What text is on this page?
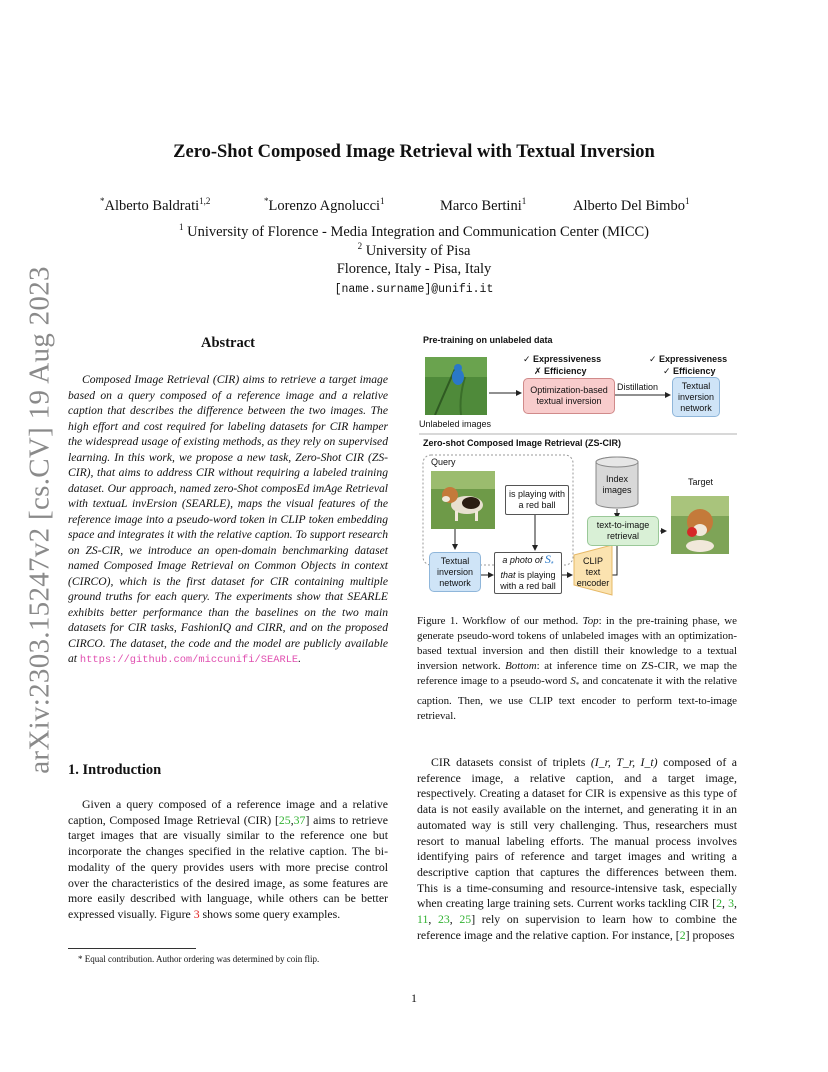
arXiv:2303.15247v2 [cs.CV] 19 Aug 2023
Zero-Shot Composed Image Retrieval with Textual Inversion
*Alberto Baldrati$^{1,2}$	*Lorenzo Agnolucci$^1$	Marco Bertini$^1$	Alberto Del Bimbo$^1$
$^1$ University of Florence - Media Integration and Communication Center (MICC)
$^2$ University of Pisa
Florence, Italy - Pisa, Italy
[name.surname]@unifi.it
Abstract

Composed Image Retrieval (CIR) aims to retrieve a target image based on a query composed of a reference image and a relative caption that describes the difference between the two images. The high effort and cost required for labeling datasets for CIR hamper the widespread usage of existing methods, as they rely on supervised learning. In this work, we propose a new task, Zero-Shot CIR (ZS-CIR), that aims to address CIR without requiring a labeled training dataset. Our approach, named zero-Shot composEd imAge Retrieval with textuaL invErsion (SEARLE), maps the visual features of the reference image into a pseudo-word token in CLIP token embedding space and integrates it with the relative caption. To support research on ZS-CIR, we introduce an open-domain benchmarking dataset named Composed Image Retrieval on Common Objects in context (CIRCO), which is the first dataset for CIR containing multiple ground truths for each query. The experiments show that SEARLE exhibits better performance than the baselines on the two main datasets for CIR tasks, FashionIQ and CIRR, and on the proposed CIRCO. The dataset, the code and the model are publicly available at https://github.com/miccunifi/SEARLE.

1. Introduction

Given a query composed of a reference image and a relative caption, Composed Image Retrieval (CIR) [25,37] aims to retrieve target images that are visually similar to the reference one but incorporate the changes specified in the relative caption. The bi-modality of the query provides users with more precise control over the characteristics of the desired image, as some features are more easily described with language, while others can be better expressed visually. Figure 3 shows some query examples.

* Equal contribution. Author ordering was determined by coin flip.
Pre-training on unlabeled data
Unlabeled images
✓ Expressiveness
✗ Efficiency
✓ Expressiveness
✓ Efficiency
Optimization-based
textual inversion
Distillation	Textual
inversion
network
Zero-shot Composed Image Retrieval (ZS-CIR)
Query
is playing with
a red ball
Index
images
Target
text-to-image
retrieval
Textual
inversion
network
a photo of $S_*$
that is playing
with a red ball
CLIP
text
encoder

Figure 1. Workflow of our method. Top: in the pre-training phase, we generate pseudo-word tokens of unlabeled images with an optimization-based textual inversion and then distill their knowledge to a textual inversion network. Bottom: at inference time on ZS-CIR, we map the reference image to a pseudo-word $S_*$ and concatenate it with the relative caption. Then, we use CLIP text encoder to perform text-to-image retrieval.

CIR datasets consist of triplets (I_r, T_r, I_t) composed of a reference image, a relative caption, and a target image, respectively. Creating a dataset for CIR is expensive as this type of data is not easily available on the internet, and generating it in an automated way is still very challenging. Thus, researchers must resort to manual labeling efforts. The manual process involves identifying pairs of reference and target images and writing a descriptive caption that captures the differences between them. This is a time-consuming and resource-intensive task, especially when creating large training sets. Current works tackling CIR [2, 3, 11, 23, 25] rely on supervision to learn how to combine the reference image and the relative caption. For instance, [2] proposes

1
